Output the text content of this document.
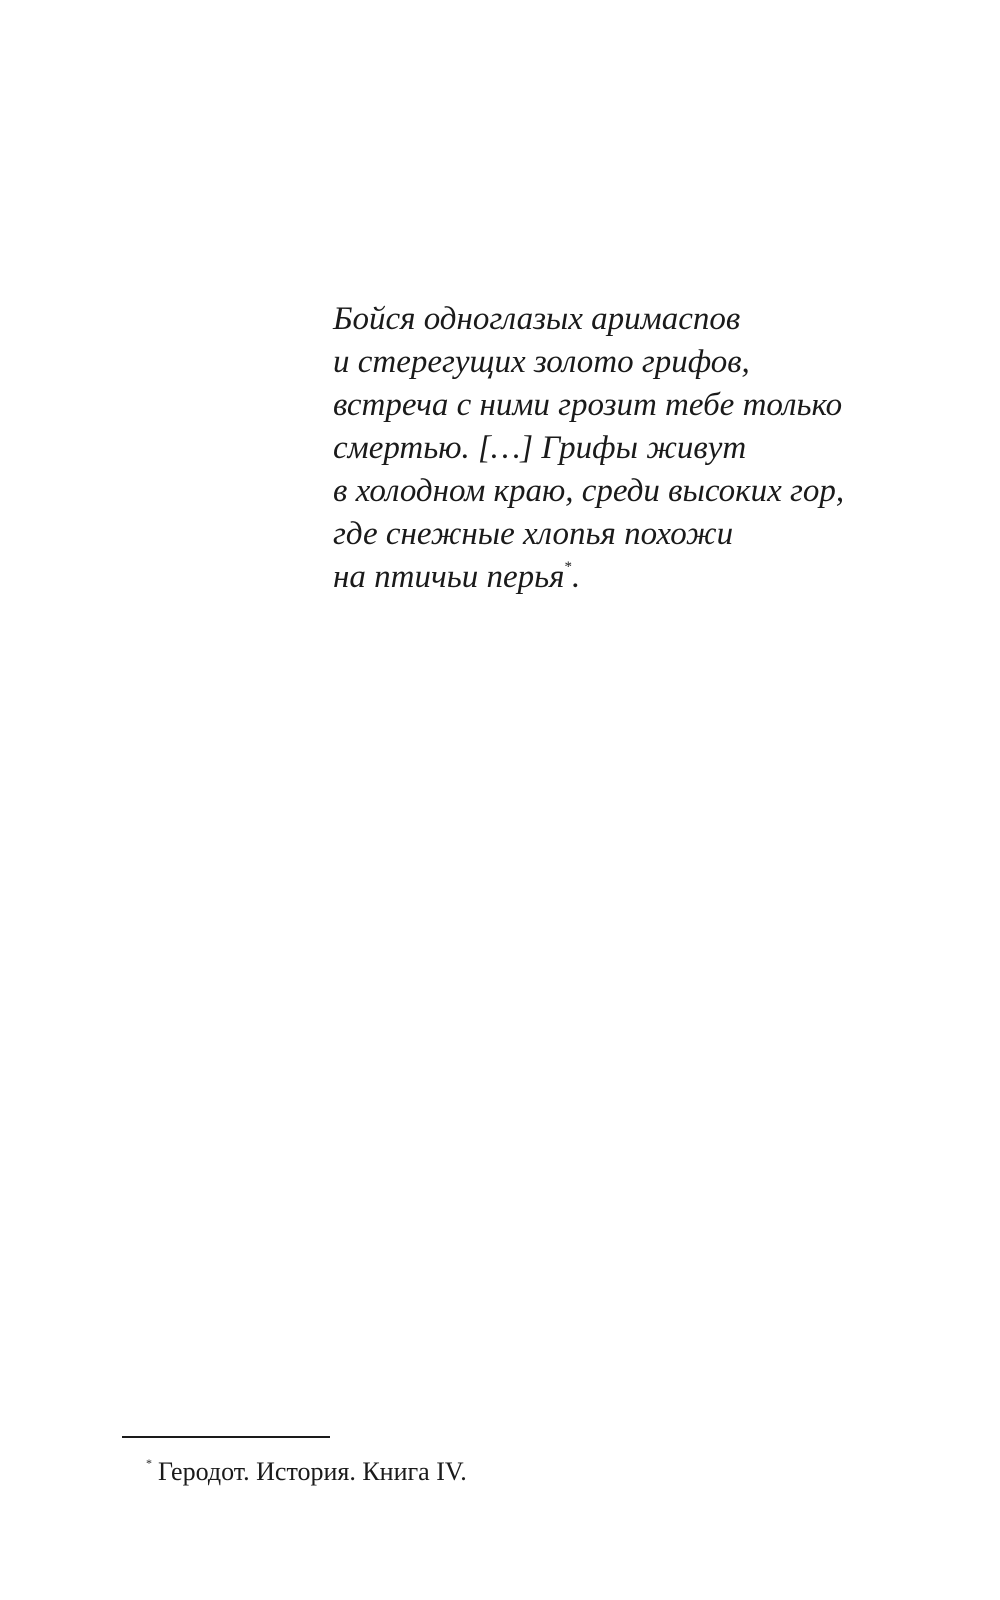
Бойся одноглазых аримаспов
и стерегущих золото грифов,
встреча с ними грозит тебе только
смертью. […] Грифы живут
в холодном краю, среди высоких гор,
где снежные хлопья похожи
на птичьи перья*.
* Геродот. История. Книга IV.
